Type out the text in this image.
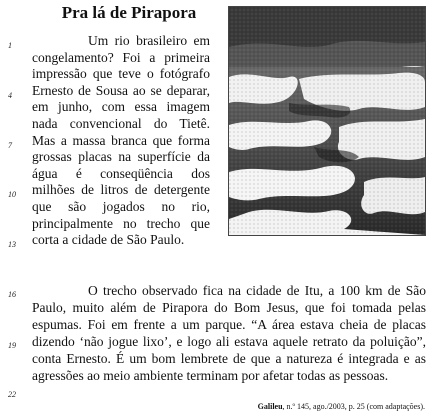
Pra lá de Pirapora
1
4
7
10
13
16
19
22
Um rio brasileiro em congelamento? Foi a primeira impressão que teve o fotógrafo Ernesto de Sousa ao se deparar, em junho, com essa imagem nada convencional do Tietê. Mas a massa branca que forma grossas placas na superfície da água é conseqüência dos milhões de litros de detergente que são jogados no rio, principalmente no trecho que corta a cidade de São Paulo.
O trecho observado fica na cidade de Itu, a 100 km de São Paulo, muito além de Pirapora do Bom Jesus, que foi tomada pelas espumas. Foi em frente a um parque. “A área estava cheia de placas dizendo ‘não jogue lixo’, e logo ali estava aquele retrato da poluição”, conta Ernesto. É um bom lembrete de que a natureza é integrada e as agressões ao meio ambiente terminam por afetar todas as pessoas.
Galileu, n.º 145, ago./2003, p. 25 (com adaptações).
